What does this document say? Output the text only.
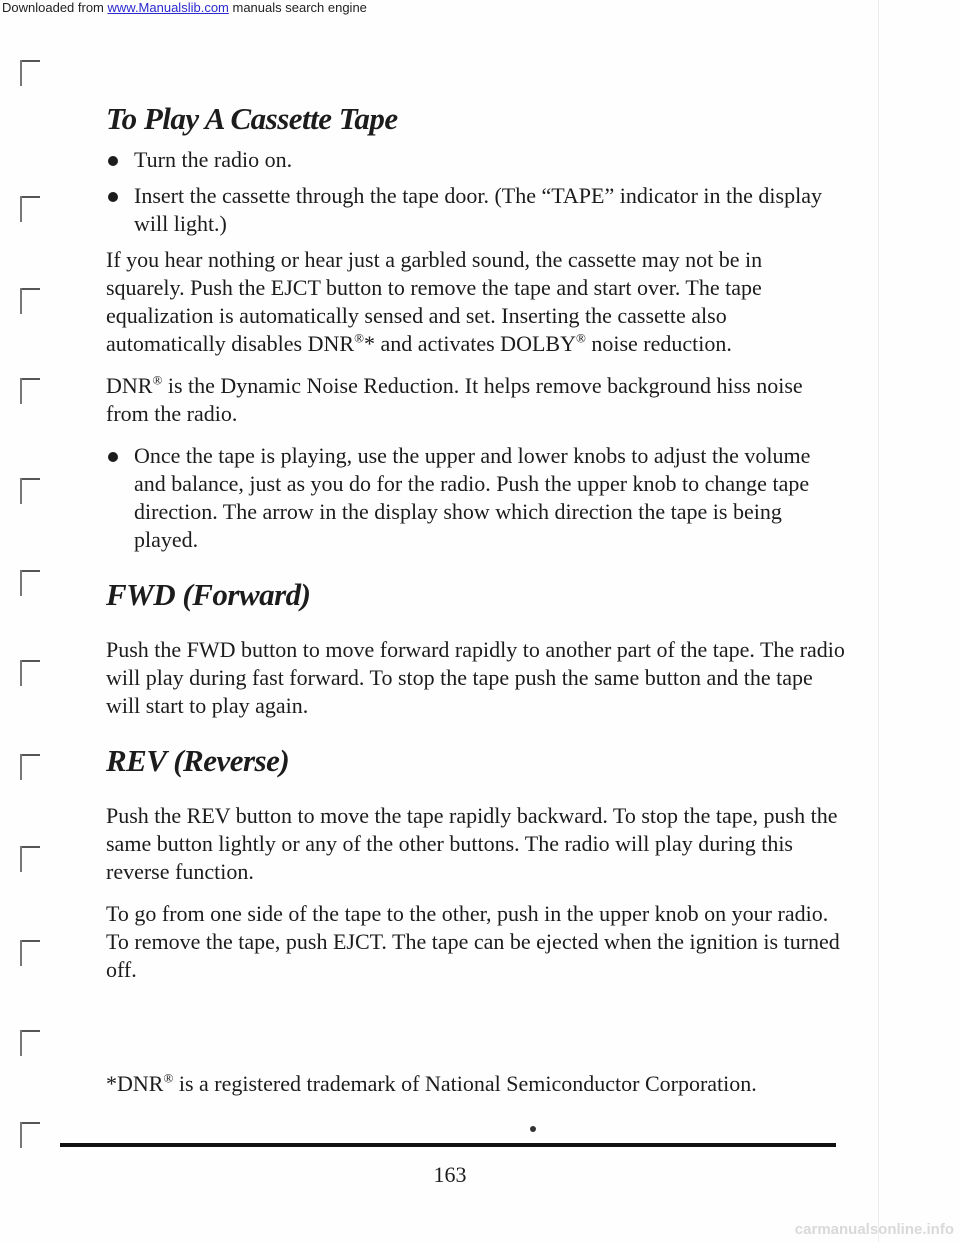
Downloaded from www.Manualslib.com manuals search engine
To Play A Cassette Tape
Turn the radio on.
Insert the cassette through the tape door. (The “TAPE” indicator in the display will light.)

If you hear nothing or hear just a garbled sound, the cassette may not be in squarely. Push the EJCT button to remove the tape and start over. The tape equalization is automatically sensed and set. Inserting the cassette also automatically disables DNR®* and activates DOLBY® noise reduction.

DNR® is the Dynamic Noise Reduction. It helps remove background hiss noise from the radio.

Once the tape is playing, use the upper and lower knobs to adjust the volume and balance, just as you do for the radio. Push the upper knob to change tape direction. The arrow in the display show which direction the tape is being played.
FWD (Forward)

Push the FWD button to move forward rapidly to another part of the tape. The radio will play during fast forward. To stop the tape push the same button and the tape will start to play again.

REV (Reverse)

Push the REV button to move the tape rapidly backward. To stop the tape, push the same button lightly or any of the other buttons. The radio will play during this reverse function.

To go from one side of the tape to the other, push in the upper knob on your radio. To remove the tape, push EJCT. The tape can be ejected when the ignition is turned off.

*DNR® is a registered trademark of National Semiconductor Corporation.

163
carmanualsonline.info
